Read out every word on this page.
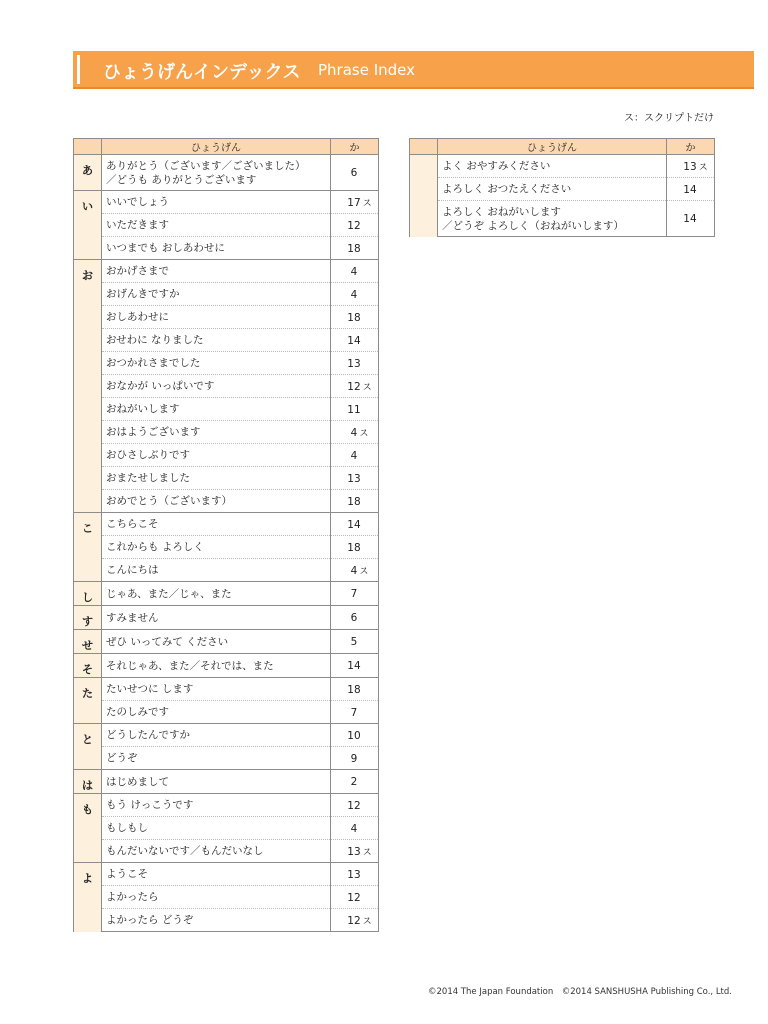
ひょうげんインデックス Phrase Index
ス：スクリプトだけ
	ひょうげん	か
あ	ありがとう（ございます／ございました）
／どうも ありがとうございます	6
い	いいでしょう	17 ス

	いただきます	12

	いつまでも おしあわせに	18
お	おかげさまで	4

	おげんきですか	4

	おしあわせに	18

	おせわに なりました	14

	おつかれさまでした	13

	おなかが いっぱいです	12 ス

	おねがいします	11

	おはようございます	4 ス

	おひさしぶりです	4

	おまたせしました	13

	おめでとう（ございます）	18
こ	こちらこそ	14

	これからも よろしく	18

	こんにちは	4 ス
し	じゃあ、また／じゃ、また	7
す	すみません	6
せ	ぜひ いってみて ください	5
そ	それじゃあ、また／それでは、また	14
た	たいせつに します	18

	たのしみです	7
と	どうしたんですか	10

	どうぞ	9
は	はじめまして	2
も	もう けっこうです	12

	もしもし	4

	もんだいないです／もんだいなし	13 ス
よ	ようこそ	13

	よかったら	12

	よかったら どうぞ	12 ス
	ひょうげん	か

	よく おやすみください	13 ス

	よろしく おつたえください	14

	よろしく おねがいします
／どうぞ よろしく（おねがいします）	14
©2014 The Japan Foundation　©2014 SANSHUSHA Publishing Co., Ltd.
